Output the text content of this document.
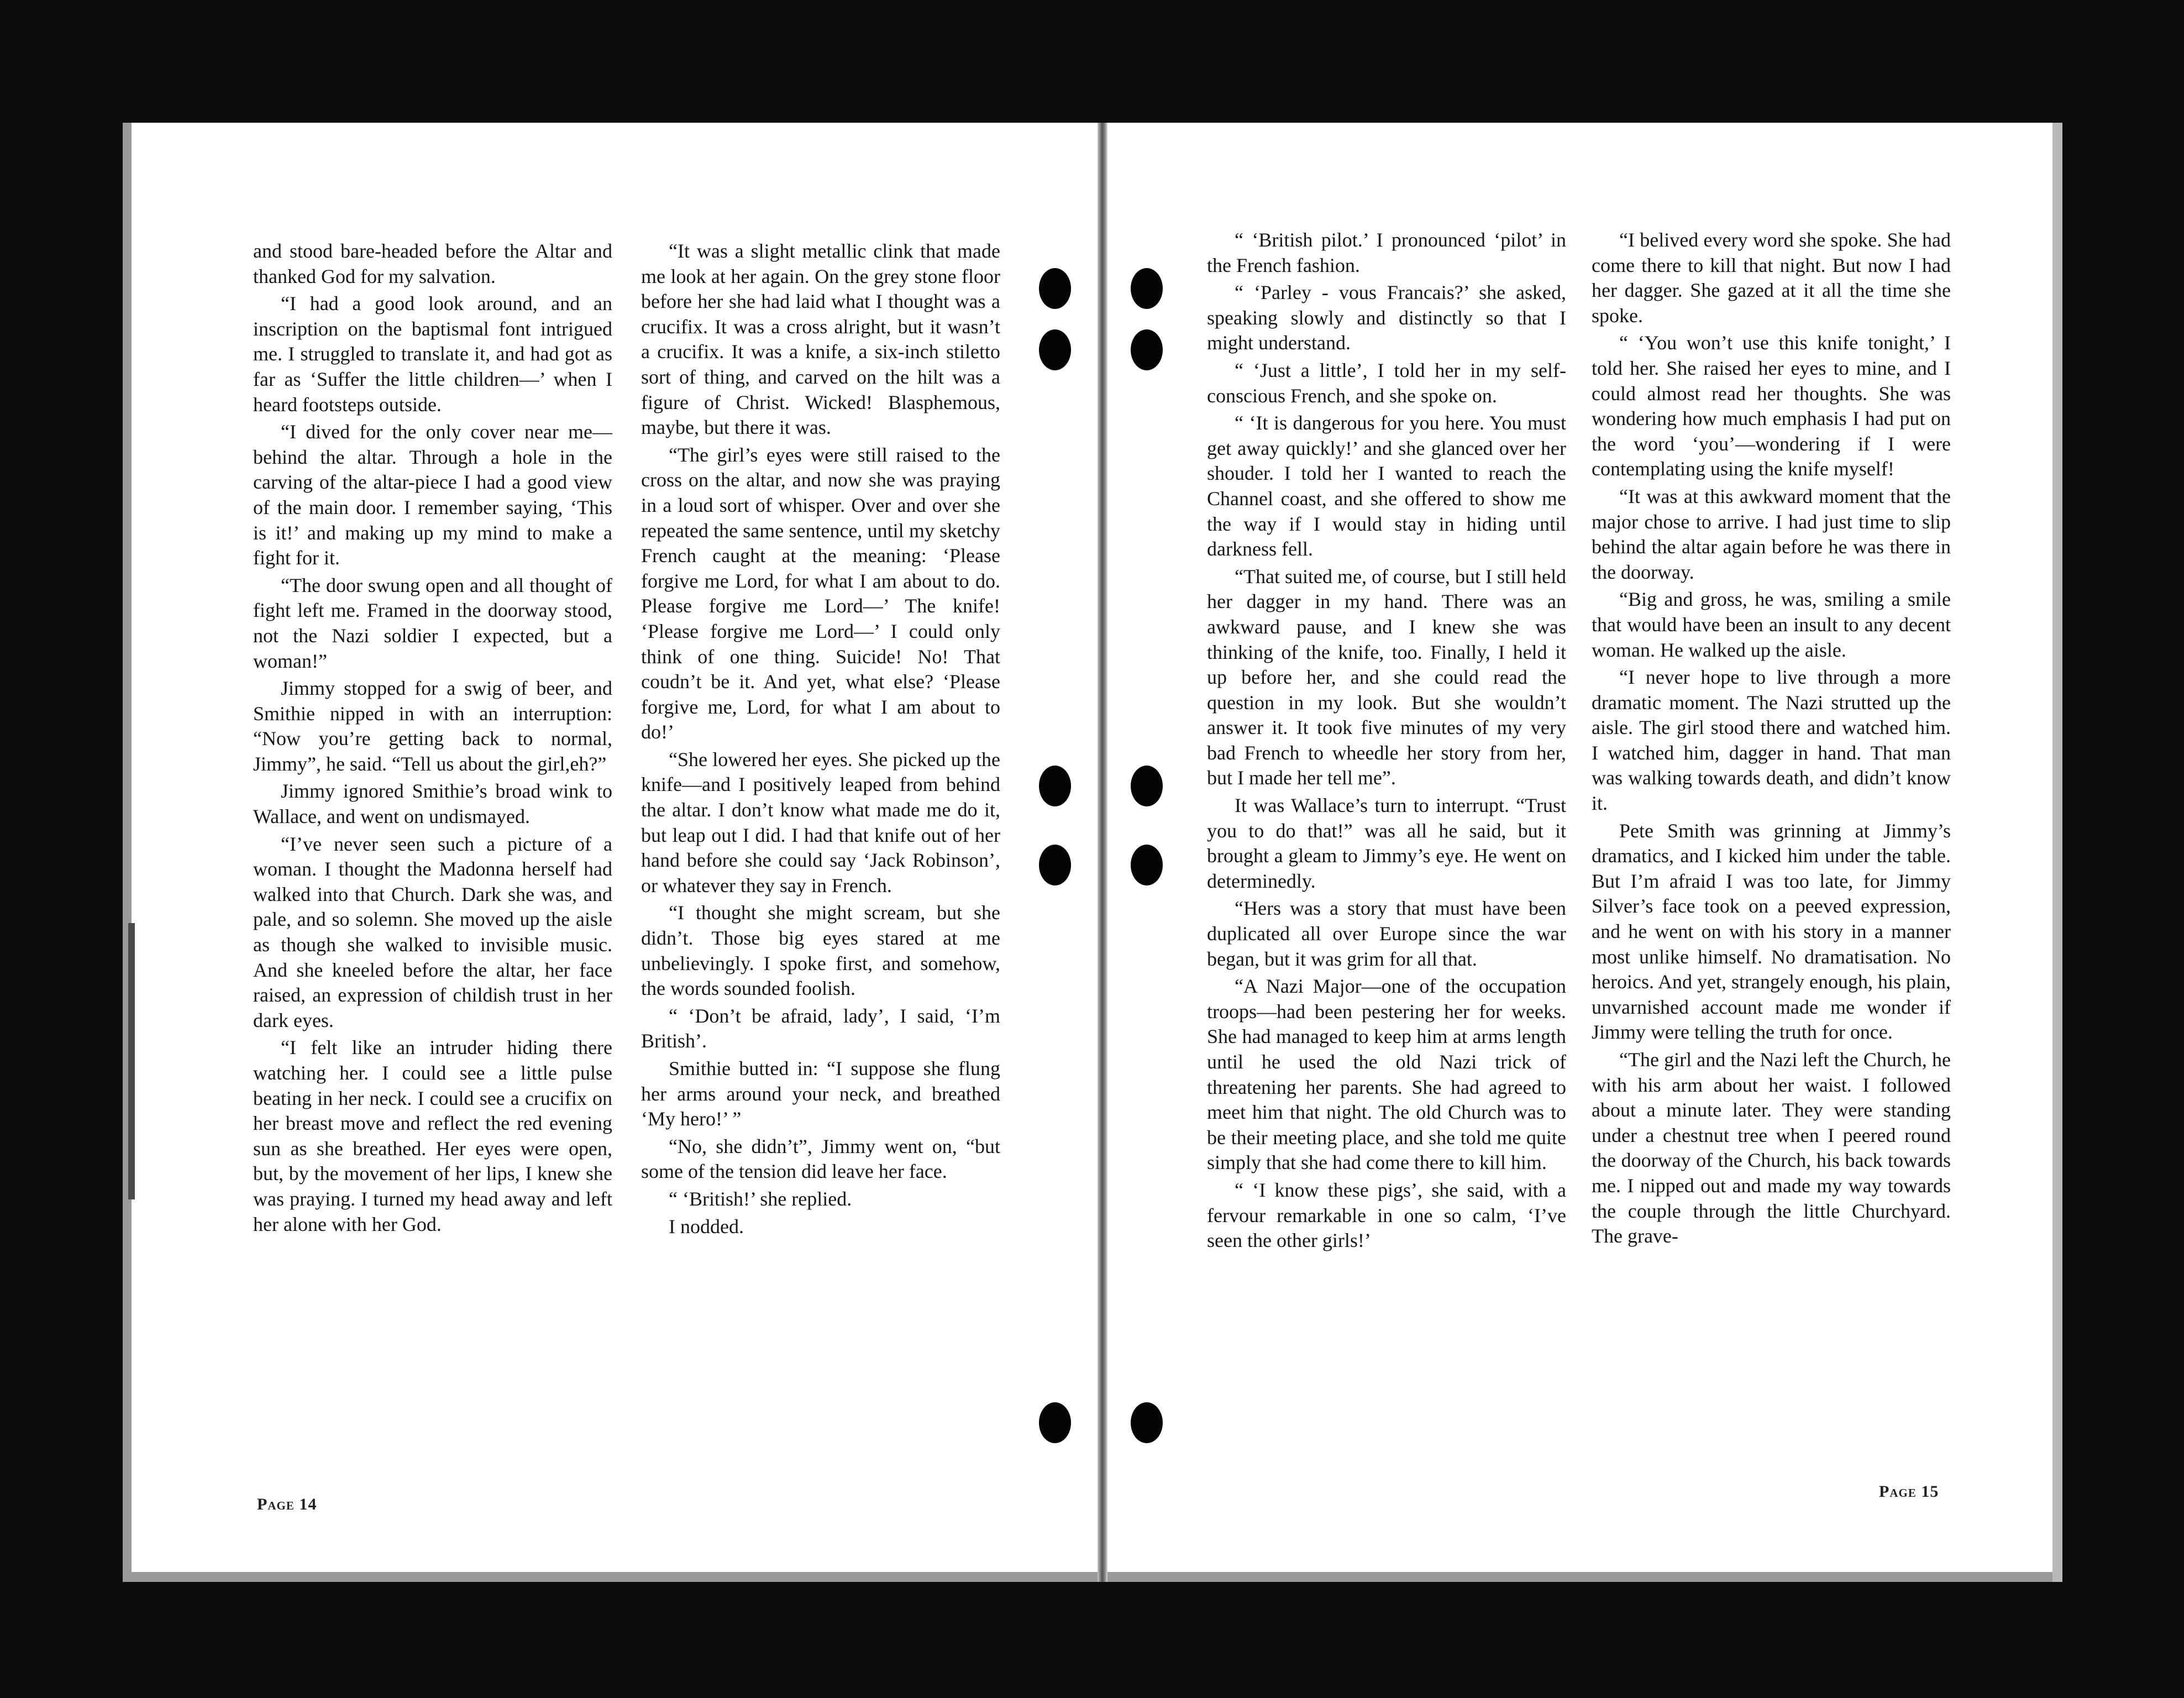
and stood bare-headed before the Altar and thanked God for my salvation.

“I had a good look around, and an inscription on the baptismal font intrigued me. I struggled to translate it, and had got as far as ‘Suffer the little children—’ when I heard footsteps outside.

“I dived for the only cover near me—behind the altar. Through a hole in the carving of the altar-piece I had a good view of the main door. I remember saying, ‘This is it!’ and making up my mind to make a fight for it.

“The door swung open and all thought of fight left me. Framed in the doorway stood, not the Nazi soldier I expected, but a woman!”

Jimmy stopped for a swig of beer, and Smithie nipped in with an interruption: “Now you’re getting back to normal, Jimmy”, he said. “Tell us about the girl,eh?”

Jimmy ignored Smithie’s broad wink to Wallace, and went on undismayed.

“I’ve never seen such a picture of a woman. I thought the Madonna herself had walked into that Church. Dark she was, and pale, and so solemn. She moved up the aisle as though she walked to invisible music. And she kneeled before the altar, her face raised, an expression of childish trust in her dark eyes.

“I felt like an intruder hiding there watching her. I could see a little pulse beating in her neck. I could see a crucifix on her breast move and reflect the red evening sun as she breathed. Her eyes were open, but, by the movement of her lips, I knew she was praying. I turned my head away and left her alone with her God.

“It was a slight metallic clink that made me look at her again. On the grey stone floor before her she had laid what I thought was a crucifix. It was a cross alright, but it wasn’t a crucifix. It was a knife, a six-inch stiletto sort of thing, and carved on the hilt was a figure of Christ. Wicked! Blasphemous, maybe, but there it was.

“The girl’s eyes were still raised to the cross on the altar, and now she was praying in a loud sort of whisper. Over and over she repeated the same sentence, until my sketchy French caught at the meaning: ‘Please forgive me Lord, for what I am about to do. Please forgive me Lord—’ The knife! ‘Please forgive me Lord—’ I could only think of one thing. Suicide! No! That coudn’t be it. And yet, what else? ‘Please forgive me, Lord, for what I am about to do!’

“She lowered her eyes. She picked up the knife—and I positively leaped from behind the altar. I don’t know what made me do it, but leap out I did. I had that knife out of her hand before she could say ‘Jack Robinson’, or whatever they say in French.

“I thought she might scream, but she didn’t. Those big eyes stared at me unbelievingly. I spoke first, and somehow, the words sounded foolish.

“ ‘Don’t be afraid, lady’, I said, ‘I’m British’.

Smithie butted in: “I suppose she flung her arms around your neck, and breathed ‘My hero!’ ”

“No, she didn’t”, Jimmy went on, “but some of the tension did leave her face.

“ ‘British!’ she replied.

I nodded.

“ ‘British pilot.’ I pronounced ‘pilot’ in the French fashion.

“ ‘Parley - vous Francais?’ she asked, speaking slowly and distinctly so that I might understand.

“ ‘Just a little’, I told her in my self-conscious French, and she spoke on.

“ ‘It is dangerous for you here. You must get away quickly!’ and she glanced over her shouder. I told her I wanted to reach the Channel coast, and she offered to show me the way if I would stay in hiding until darkness fell.

“That suited me, of course, but I still held her dagger in my hand. There was an awkward pause, and I knew she was thinking of the knife, too. Finally, I held it up before her, and she could read the question in my look. But she wouldn’t answer it. It took five minutes of my very bad French to wheedle her story from her, but I made her tell me”.

It was Wallace’s turn to interrupt. “Trust you to do that!” was all he said, but it brought a gleam to Jimmy’s eye. He went on determinedly.

“Hers was a story that must have been duplicated all over Europe since the war began, but it was grim for all that.

“A Nazi Major—one of the occupation troops—had been pestering her for weeks. She had managed to keep him at arms length until he used the old Nazi trick of threatening her parents. She had agreed to meet him that night. The old Church was to be their meeting place, and she told me quite simply that she had come there to kill him.

“ ‘I know these pigs’, she said, with a fervour remarkable in one so calm, ‘I’ve seen the other girls!’

“I belived every word she spoke. She had come there to kill that night. But now I had her dagger. She gazed at it all the time she spoke.

“ ‘You won’t use this knife tonight,’ I told her. She raised her eyes to mine, and I could almost read her thoughts. She was wondering how much emphasis I had put on the word ‘you’—wondering if I were contemplating using the knife myself!

“It was at this awkward moment that the major chose to arrive. I had just time to slip behind the altar again before he was there in the doorway.

“Big and gross, he was, smiling a smile that would have been an insult to any decent woman. He walked up the aisle.

“I never hope to live through a more dramatic moment. The Nazi strutted up the aisle. The girl stood there and watched him. I watched him, dagger in hand. That man was walking towards death, and didn’t know it.

Pete Smith was grinning at Jimmy’s dramatics, and I kicked him under the table. But I’m afraid I was too late, for Jimmy Silver’s face took on a peeved expression, and he went on with his story in a manner most unlike himself. No dramatisation. No heroics. And yet, strangely enough, his plain, unvarnished account made me wonder if Jimmy were telling the truth for once.

“The girl and the Nazi left the Church, he with his arm about her waist. I followed about a minute later. They were standing under a chestnut tree when I peered round the doorway of the Church, his back towards me. I nipped out and made my way towards the couple through the little Churchyard. The grave-

Page 14
Page 15
